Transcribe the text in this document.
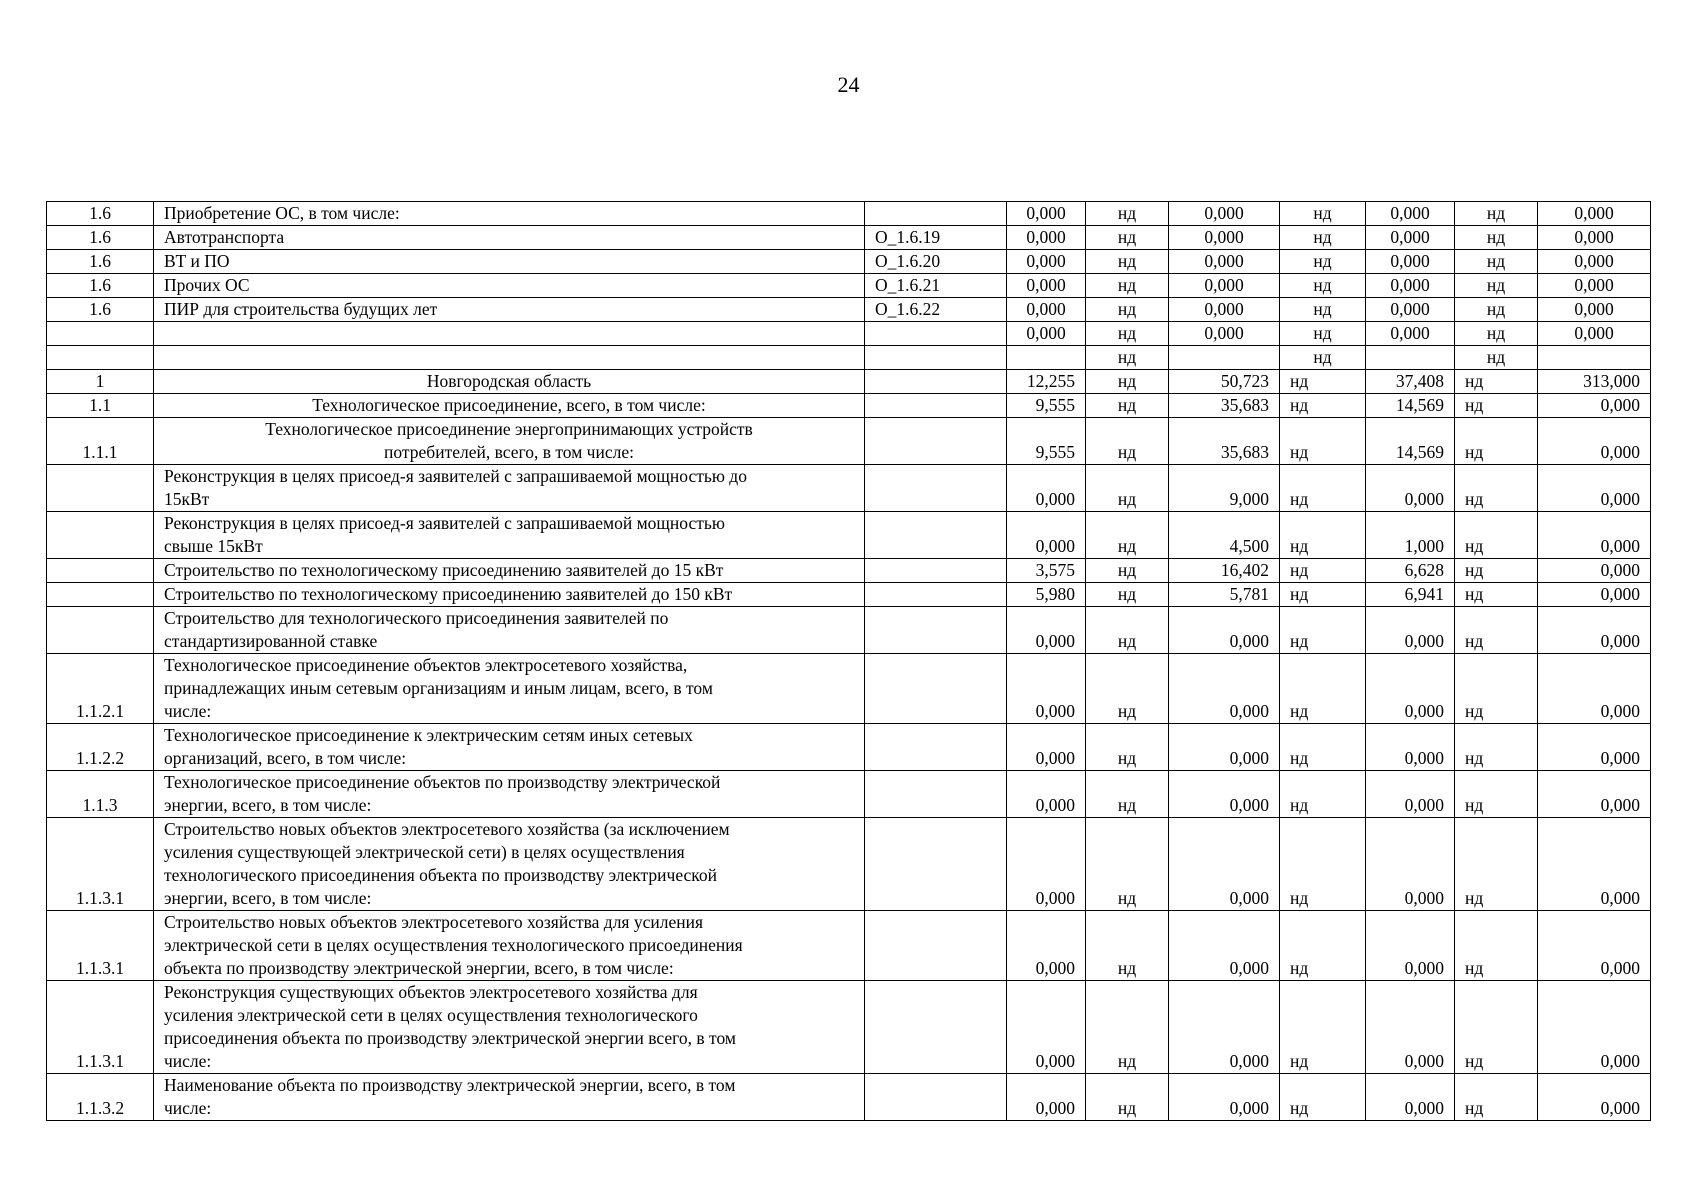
24
1.6	Приобретение ОС, в том числе:		0,000	нд	0,000	нд	0,000	нд	0,000
1.6	Автотранспорта	O_1.6.19	0,000	нд	0,000	нд	0,000	нд	0,000
1.6	ВТ и ПО	O_1.6.20	0,000	нд	0,000	нд	0,000	нд	0,000
1.6	Прочих ОС	O_1.6.21	0,000	нд	0,000	нд	0,000	нд	0,000
1.6	ПИР для строительства будущих лет	O_1.6.22	0,000	нд	0,000	нд	0,000	нд	0,000
			0,000	нд	0,000	нд	0,000	нд	0,000
				нд		нд		нд	
1	Новгородская область		12,255	нд	50,723	нд	37,408	нд	313,000
1.1	Технологическое присоединение, всего, в том числе:		9,555	нд	35,683	нд	14,569	нд	0,000
1.1.1	Технологическое присоединение энергопринимающих устройств
потребителей, всего, в том числе:		9,555	нд	35,683	нд	14,569	нд	0,000
	Реконструкция в целях присоед-я заявителей с запрашиваемой мощностью до
15кВт		0,000	нд	9,000	нд	0,000	нд	0,000
	Реконструкция в целях присоед-я заявителей с запрашиваемой мощностью
свыше 15кВт		0,000	нд	4,500	нд	1,000	нд	0,000
	Строительство по технологическому присоединению заявителей до 15 кВт		3,575	нд	16,402	нд	6,628	нд	0,000
	Строительство по технологическому присоединению заявителей до 150 кВт		5,980	нд	5,781	нд	6,941	нд	0,000
	Строительство для технологического присоединения заявителей по
стандартизированной ставке		0,000	нд	0,000	нд	0,000	нд	0,000
1.1.2.1	Технологическое присоединение объектов электросетевого хозяйства,
принадлежащих иным сетевым организациям и иным лицам, всего, в том
числе:		0,000	нд	0,000	нд	0,000	нд	0,000
1.1.2.2	Технологическое присоединение к электрическим сетям иных сетевых
организаций, всего, в том числе:		0,000	нд	0,000	нд	0,000	нд	0,000
1.1.3	Технологическое присоединение объектов по производству электрической
энергии, всего, в том числе:		0,000	нд	0,000	нд	0,000	нд	0,000
1.1.3.1	Строительство новых объектов электросетевого хозяйства (за исключением
усиления существующей электрической сети) в целях осуществления
технологического присоединения объекта по производству электрической
энергии, всего, в том числе:		0,000	нд	0,000	нд	0,000	нд	0,000
1.1.3.1	Строительство новых объектов электросетевого хозяйства для усиления
электрической сети в целях осуществления технологического присоединения
объекта по производству электрической энергии, всего, в том числе:		0,000	нд	0,000	нд	0,000	нд	0,000
1.1.3.1	Реконструкция существующих объектов электросетевого хозяйства для
усиления электрической сети в целях осуществления технологического
присоединения объекта по производству электрической энергии всего, в том
числе:		0,000	нд	0,000	нд	0,000	нд	0,000
1.1.3.2	Наименование объекта по производству электрической энергии, всего, в том
числе:		0,000	нд	0,000	нд	0,000	нд	0,000
